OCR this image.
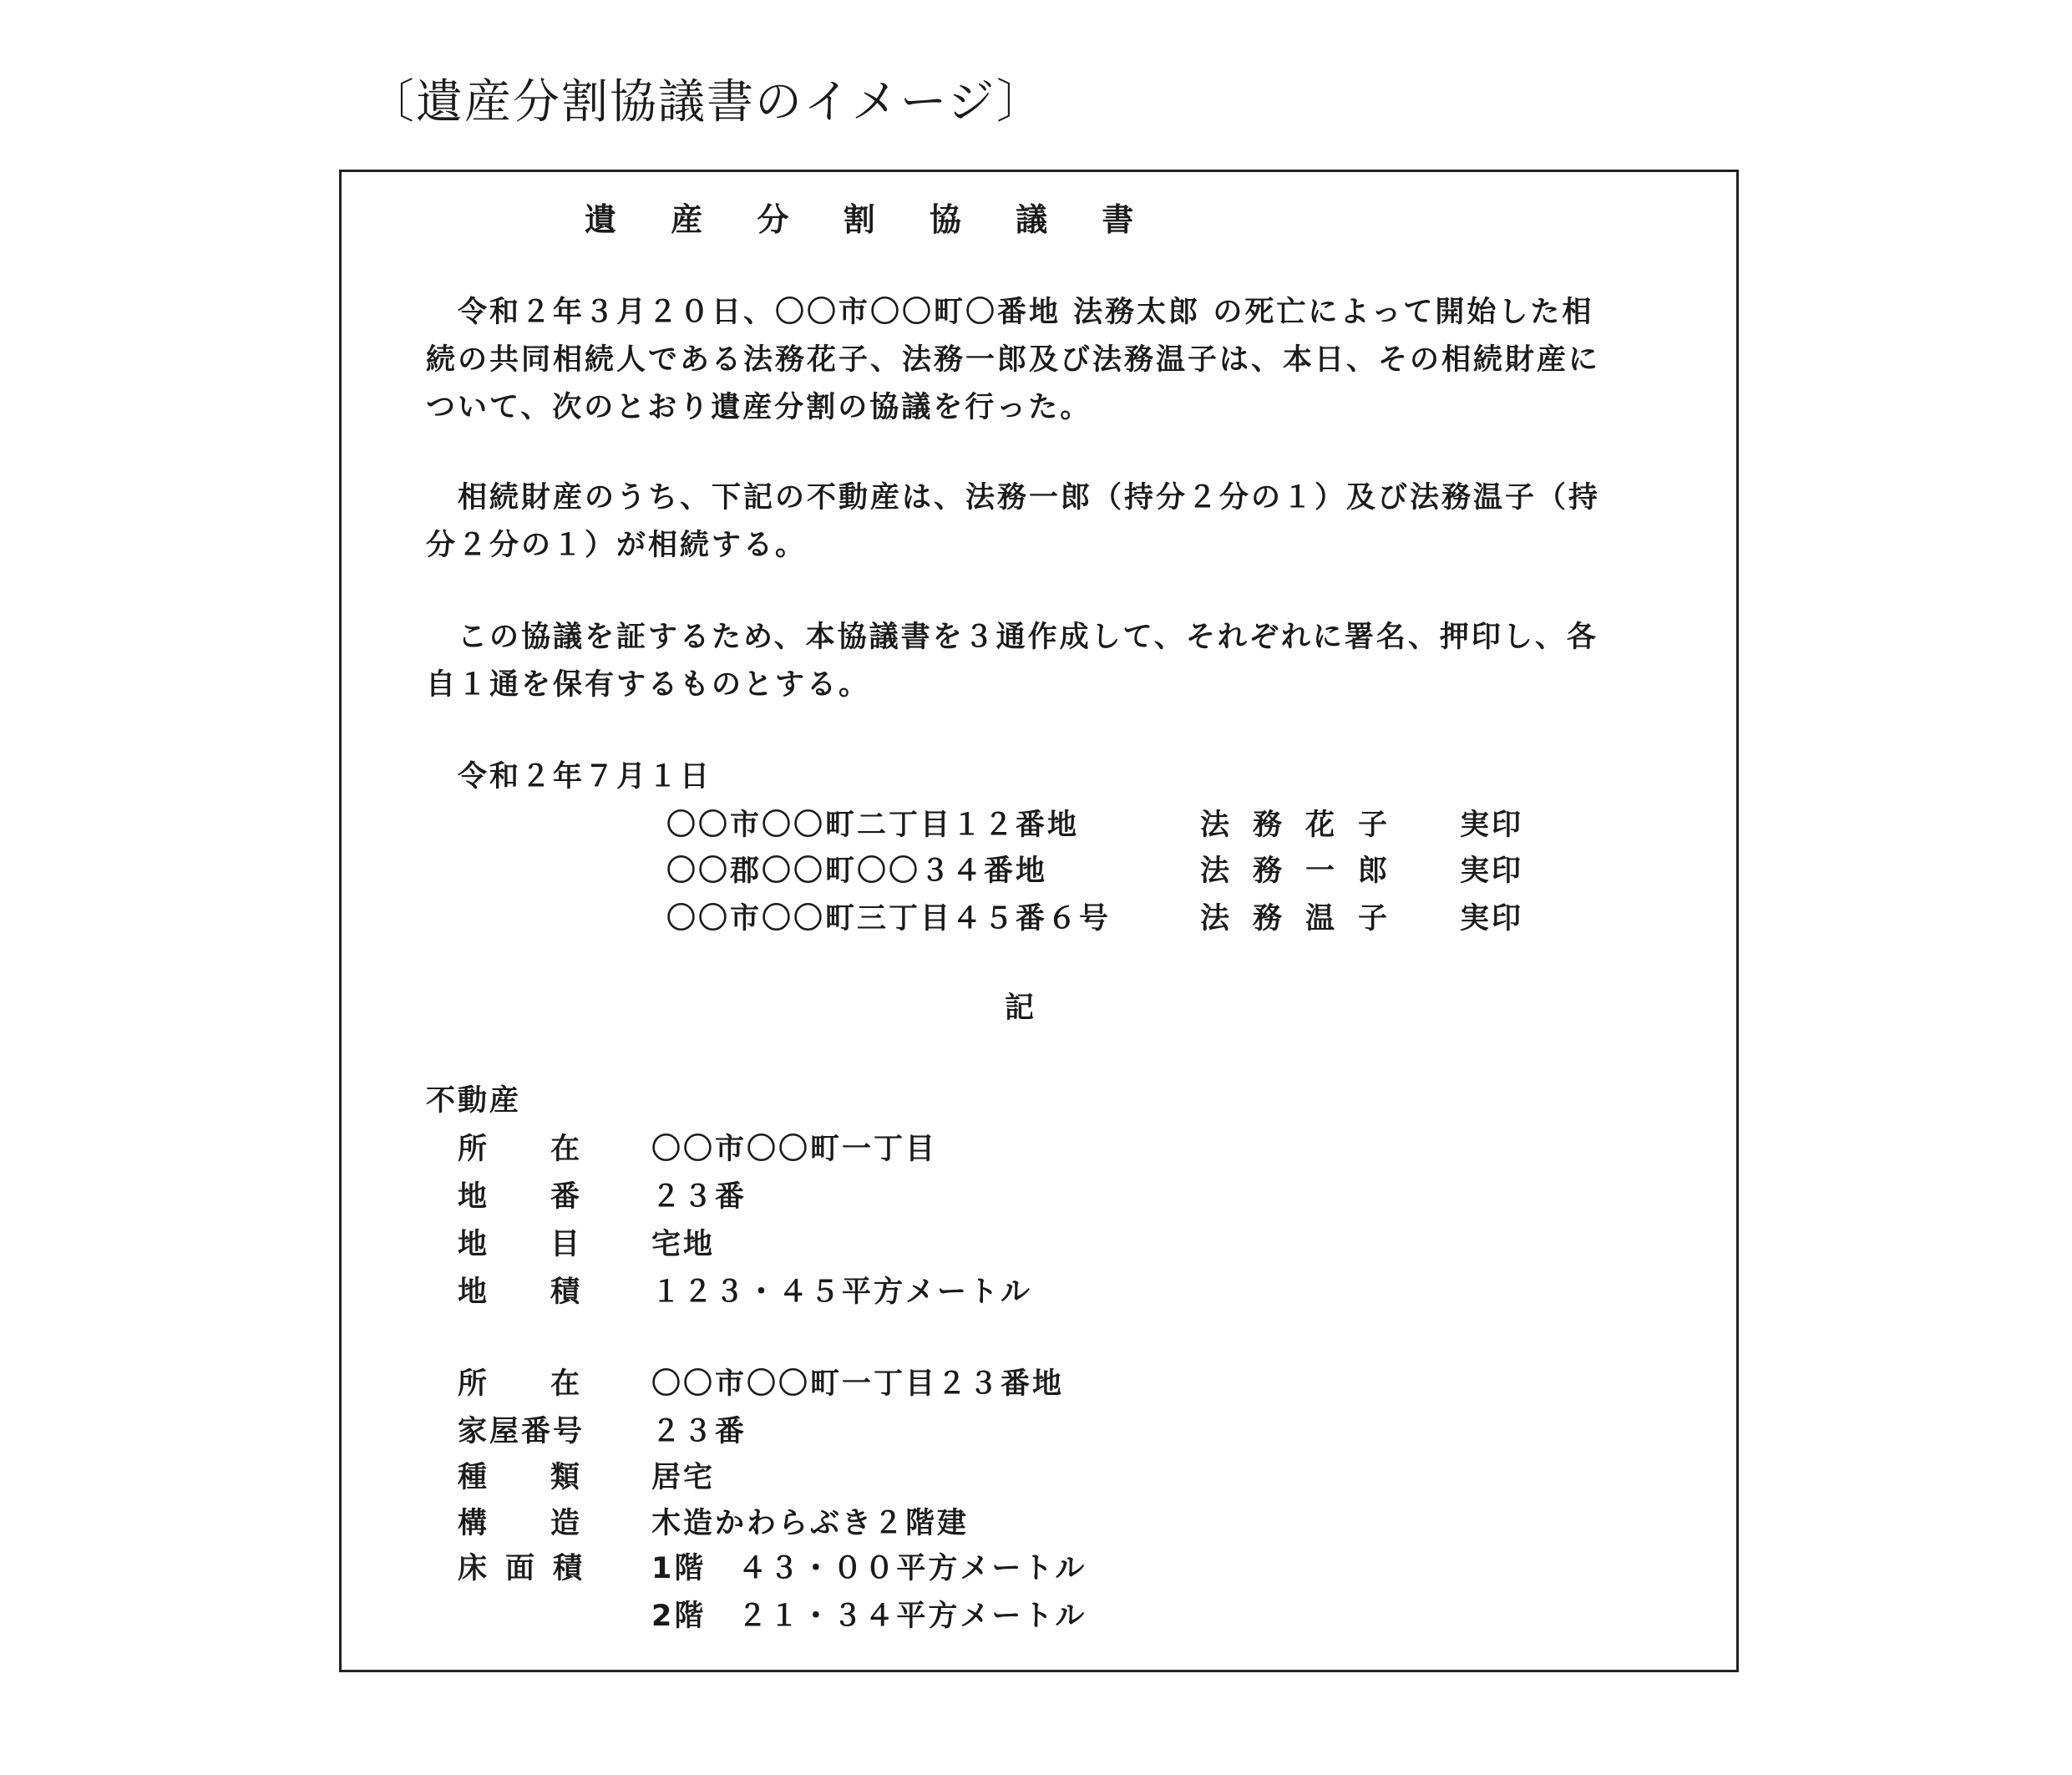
〔遺産分割協議書のイメージ〕
遺 産 分 割 協 議 書
　令和２年３月２０日、〇〇市〇〇町〇番地 法務太郎 の死亡によって開始した相
続の共同相続人である法務花子、法務一郎及び法務温子は、本日、その相続財産に
ついて、次のとおり遺産分割の協議を行った。
　相続財産のうち、下記の不動産は、法務一郎（持分２分の１）及び法務温子（持
分２分の１）が相続する。
　この協議を証するため、本協議書を３通作成して、それぞれに署名、押印し、各
自１通を保有するものとする。
　令和２年７月１日
〇〇市〇〇町二丁目１２番地	法務花子 実印
〇〇郡〇〇町〇〇３４番地	法務一郎 実印
〇〇市〇〇町三丁目４５番６号	法務温子 実印
記
不動産
所在 〇〇市〇〇町一丁目
地番 ２３番
地目 宅地
地積 １２３・４５平方メートル
所在 〇〇市〇〇町一丁目２３番地
家屋番号 ２３番
種類 居宅
構造 木造かわらぶき２階建
床面積 1階　４３・００平方メートル
2階　２１・３４平方メートル
